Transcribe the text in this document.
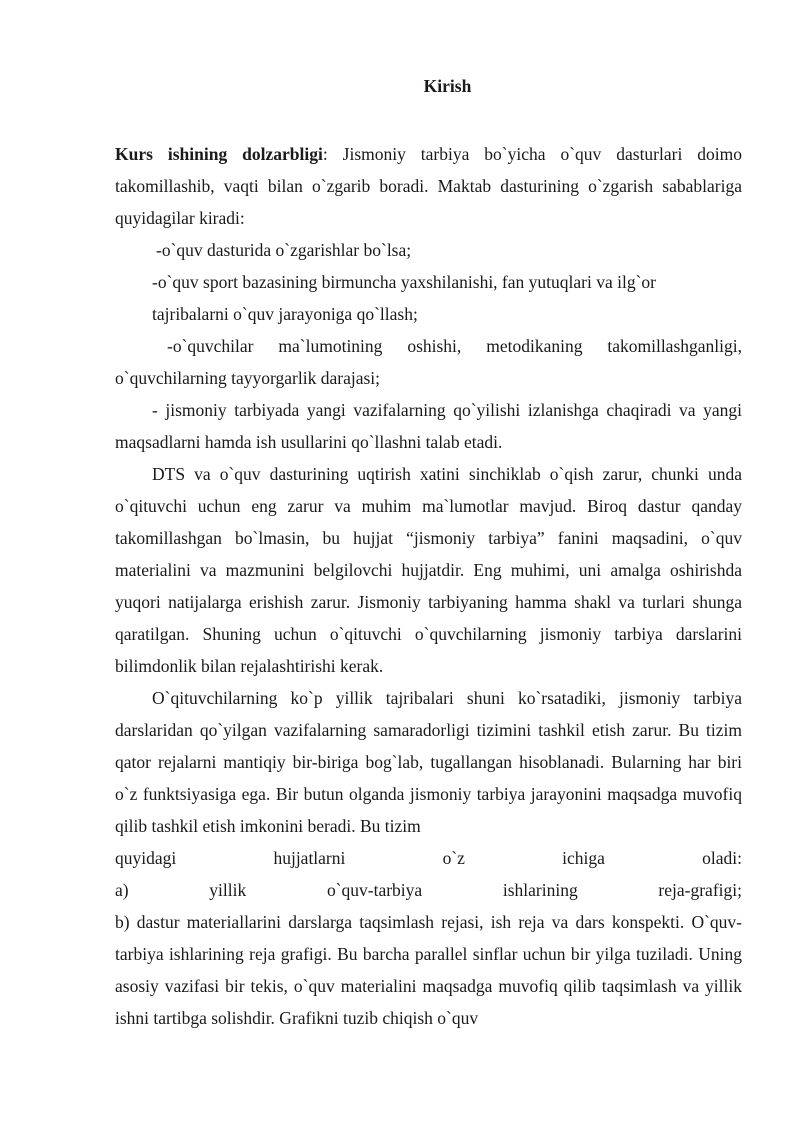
Kirish

Kurs ishining dolzarbligi: Jismoniy tarbiya bo`yicha o`quv dasturlari doimo takomillashib, vaqti bilan o`zgarib boradi. Maktab dasturining o`zgarish sabablariga quyidagilar kiradi:

-o`quv dasturida o`zgarishlar bo`lsa;

-o`quv sport bazasining birmuncha yaxshilanishi, fan yutuqlari va ilg`or

tajribalarni o`quv jarayoniga qo`llash;

-o`quvchilar ma`lumotining oshishi, metodikaning takomillashganligi, o`quvchilarning tayyorgarlik darajasi;

- jismoniy tarbiyada yangi vazifalarning qo`yilishi izlanishga chaqiradi va yangi maqsadlarni hamda ish usullarini qo`llashni talab etadi.

DTS va o`quv dasturining uqtirish xatini sinchiklab o`qish zarur, chunki unda o`qituvchi uchun eng zarur va muhim ma`lumotlar mavjud. Biroq dastur qanday takomillashgan bo`lmasin, bu hujjat “jismoniy tarbiya” fanini maqsadini, o`quv materialini va mazmunini belgilovchi hujjatdir. Eng muhimi, uni amalga oshirishda yuqori natijalarga erishish zarur. Jismoniy tarbiyaning hamma shakl va turlari shunga qaratilgan. Shuning uchun o`qituvchi o`quvchilarning jismoniy tarbiya darslarini bilimdonlik bilan rejalashtirishi kerak.

O`qituvchilarning ko`p yillik tajribalari shuni ko`rsatadiki, jismoniy tarbiya darslaridan qo`yilgan vazifalarning samaradorligi tizimini tashkil etish zarur. Bu tizim qator rejalarni mantiqiy bir-biriga bog`lab, tugallangan hisoblanadi. Bularning har biri o`z funktsiyasiga ega. Bir butun olganda jismoniy tarbiya jarayonini maqsadga muvofiq qilib tashkil etish imkonini beradi. Bu tizim

quyidagi	hujjatlarni	o`z	ichiga	oladi:

a)	yillik	o`quv-tarbiya	ishlarining	reja-grafigi;

b) dastur materiallarini darslarga taqsimlash rejasi, ish reja va dars konspekti. O`quv-tarbiya ishlarining reja grafigi. Bu barcha parallel sinflar uchun bir yilga tuziladi. Uning asosiy vazifasi bir tekis, o`quv materialini maqsadga muvofiq qilib taqsimlash va yillik ishni tartibga solishdir. Grafikni tuzib chiqish o`quv
